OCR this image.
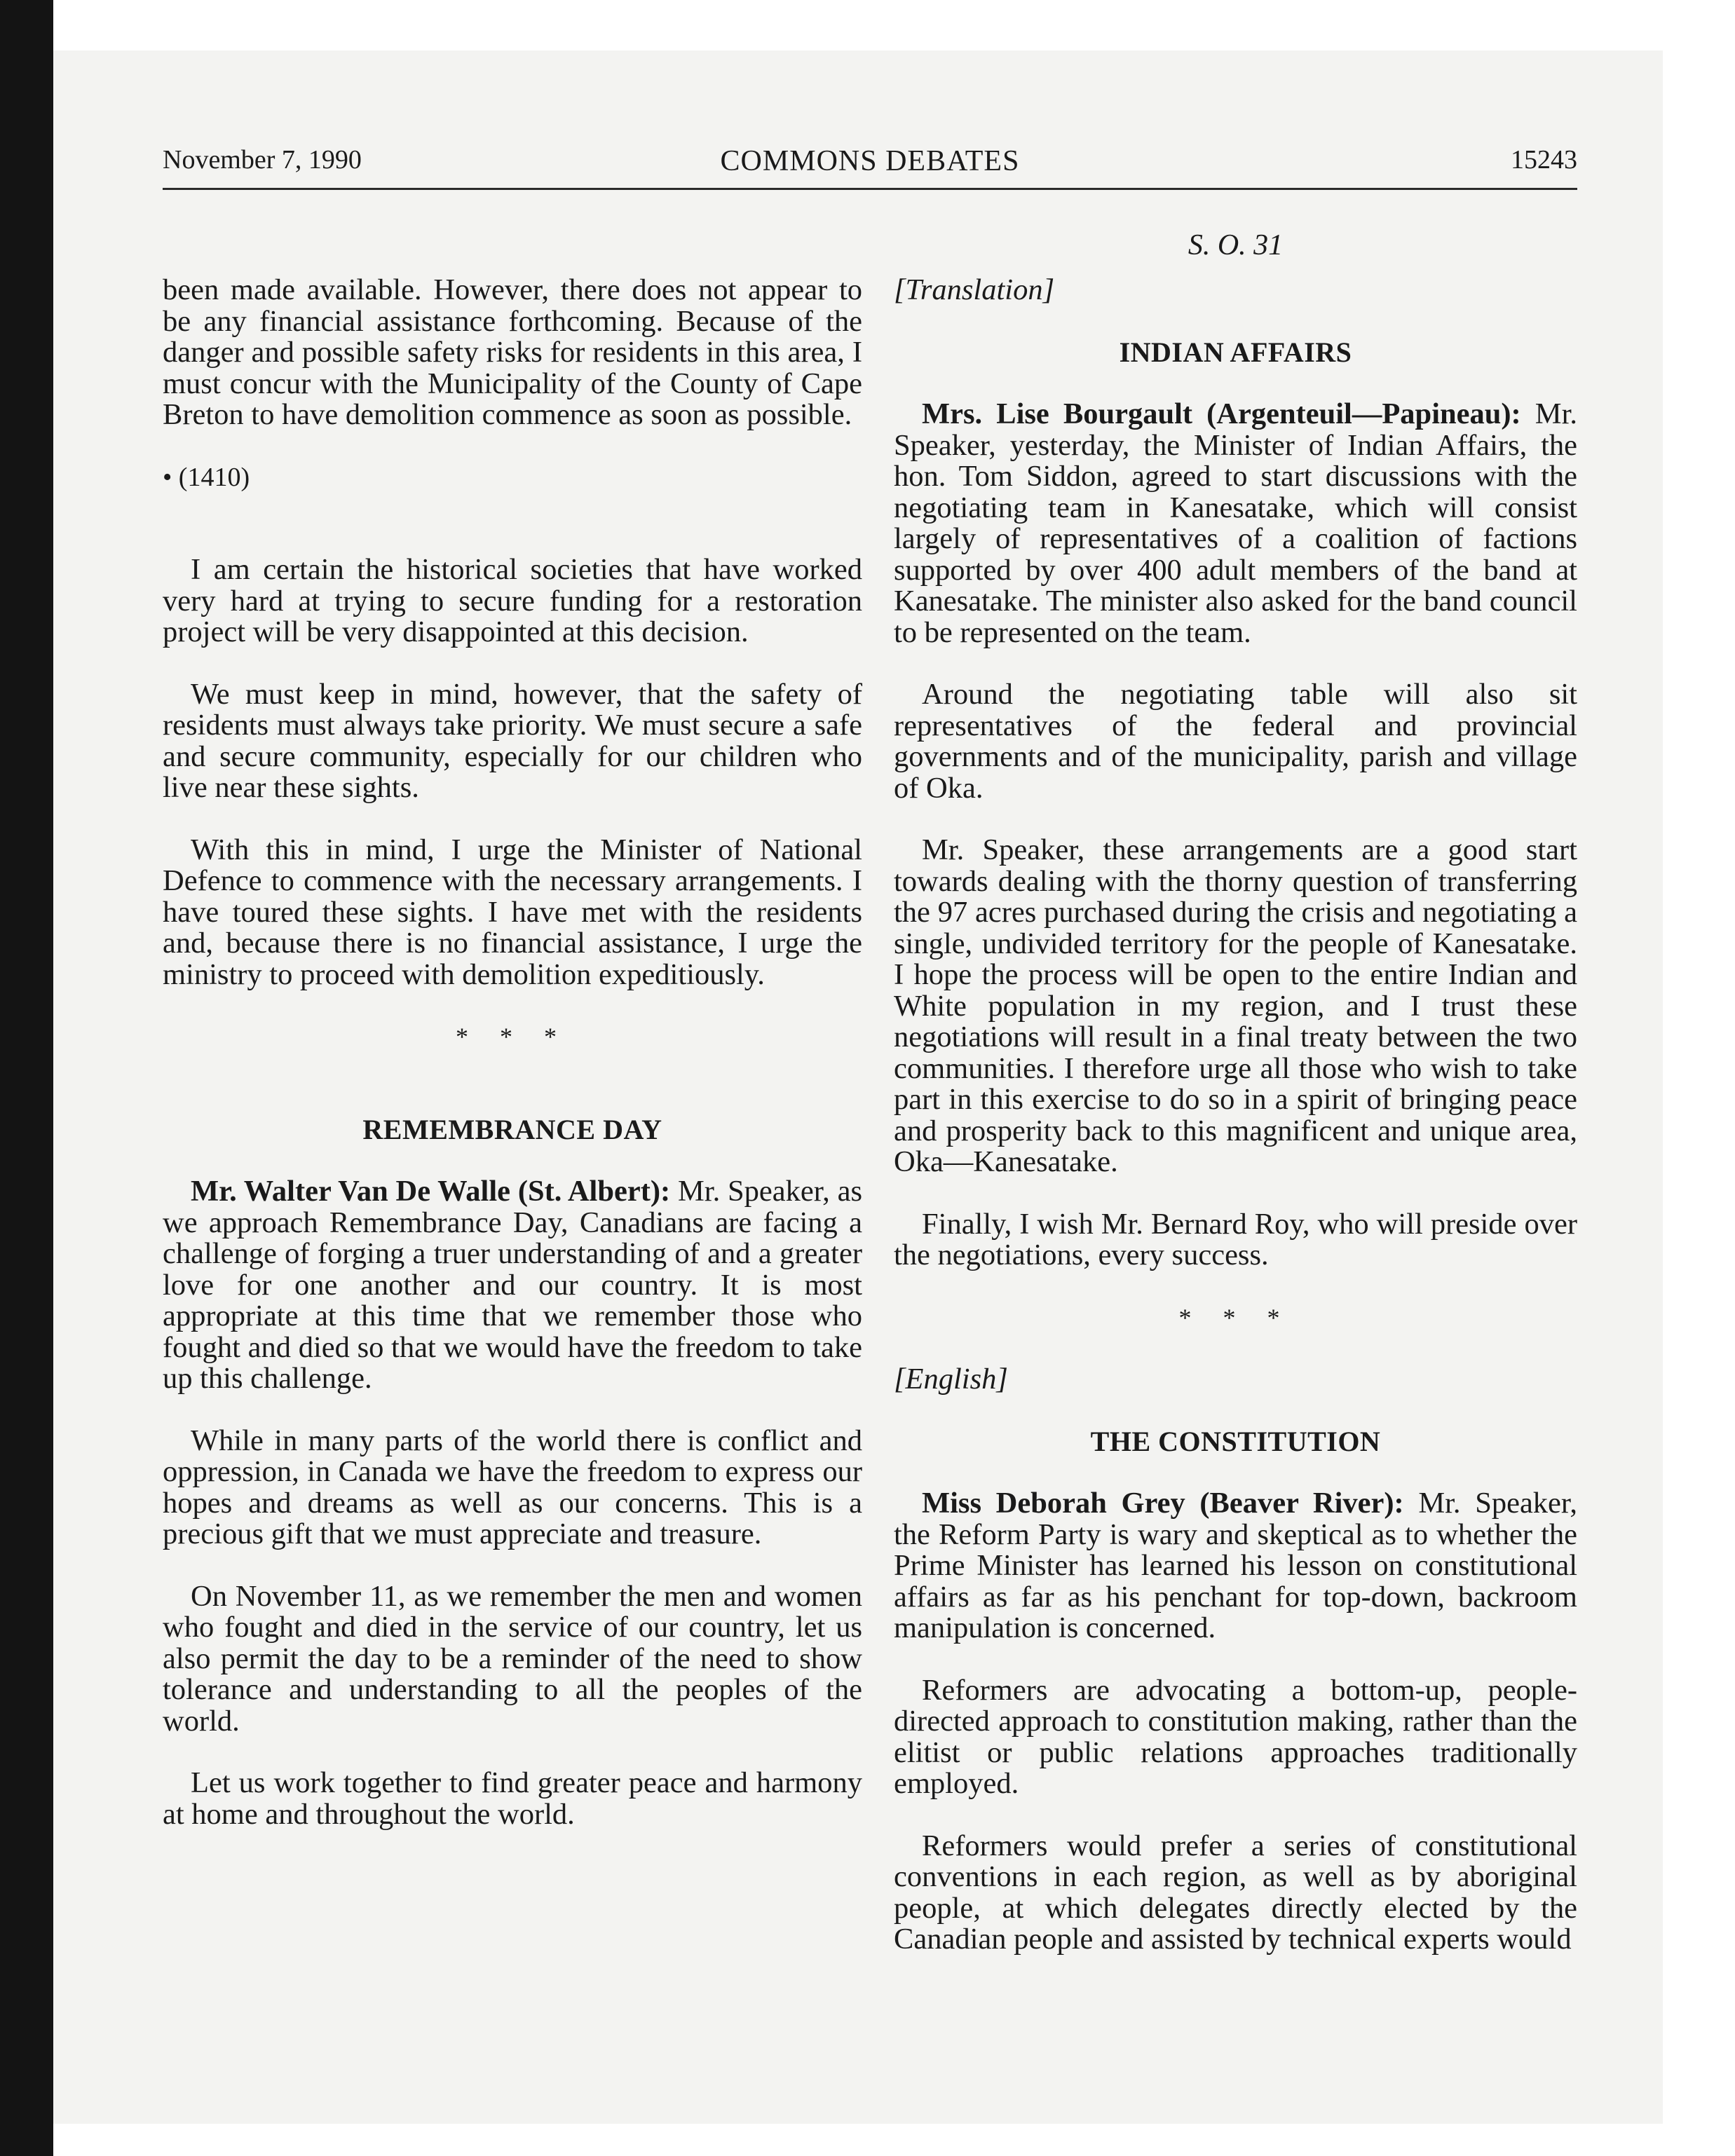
November 7, 1990	COMMONS DEBATES	15243
S. O. 31

been made available. However, there does not appear to be any financial assistance forthcoming. Because of the danger and possible safety risks for residents in this area, I must concur with the Municipality of the County of Cape Breton to have demolition commence as soon as possible.

• (1410)

I am certain the historical societies that have worked very hard at trying to secure funding for a restoration project will be very disappointed at this decision.

We must keep in mind, however, that the safety of residents must always take priority. We must secure a safe and secure community, especially for our children who live near these sights.

With this in mind, I urge the Minister of National Defence to commence with the necessary arrangements. I have toured these sights. I have met with the residents and, because there is no financial assistance, I urge the ministry to proceed with demolition expeditiously.

* * *

REMEMBRANCE DAY

Mr. Walter Van De Walle (St. Albert): Mr. Speaker, as we approach Remembrance Day, Canadians are facing a challenge of forging a truer understanding of and a greater love for one another and our country. It is most appropriate at this time that we remember those who fought and died so that we would have the freedom to take up this challenge.

While in many parts of the world there is conflict and oppression, in Canada we have the freedom to express our hopes and dreams as well as our concerns. This is a precious gift that we must appreciate and treasure.

On November 11, as we remember the men and women who fought and died in the service of our country, let us also permit the day to be a reminder of the need to show tolerance and understanding to all the peoples of the world.

Let us work together to find greater peace and harmony at home and throughout the world.

[Translation]

INDIAN AFFAIRS

Mrs. Lise Bourgault (Argenteuil—Papineau): Mr. Speaker, yesterday, the Minister of Indian Affairs, the hon. Tom Siddon, agreed to start discussions with the negotiating team in Kanesatake, which will consist largely of representatives of a coalition of factions supported by over 400 adult members of the band at Kanesatake. The minister also asked for the band council to be represented on the team.

Around the negotiating table will also sit representatives of the federal and provincial governments and of the municipality, parish and village of Oka.

Mr. Speaker, these arrangements are a good start towards dealing with the thorny question of transferring the 97 acres purchased during the crisis and negotiating a single, undivided territory for the people of Kanesatake. I hope the process will be open to the entire Indian and White population in my region, and I trust these negotiations will result in a final treaty between the two communities. I therefore urge all those who wish to take part in this exercise to do so in a spirit of bringing peace and prosperity back to this magnificent and unique area, Oka—Kanesatake.

Finally, I wish Mr. Bernard Roy, who will preside over the negotiations, every success.

* * *

[English]

THE CONSTITUTION

Miss Deborah Grey (Beaver River): Mr. Speaker, the Reform Party is wary and skeptical as to whether the Prime Minister has learned his lesson on constitutional affairs as far as his penchant for top-down, backroom manipulation is concerned.

Reformers are advocating a bottom-up, people-directed approach to constitution making, rather than the elitist or public relations approaches traditionally employed.

Reformers would prefer a series of constitutional conventions in each region, as well as by aboriginal people, at which delegates directly elected by the Canadian people and assisted by technical experts would
